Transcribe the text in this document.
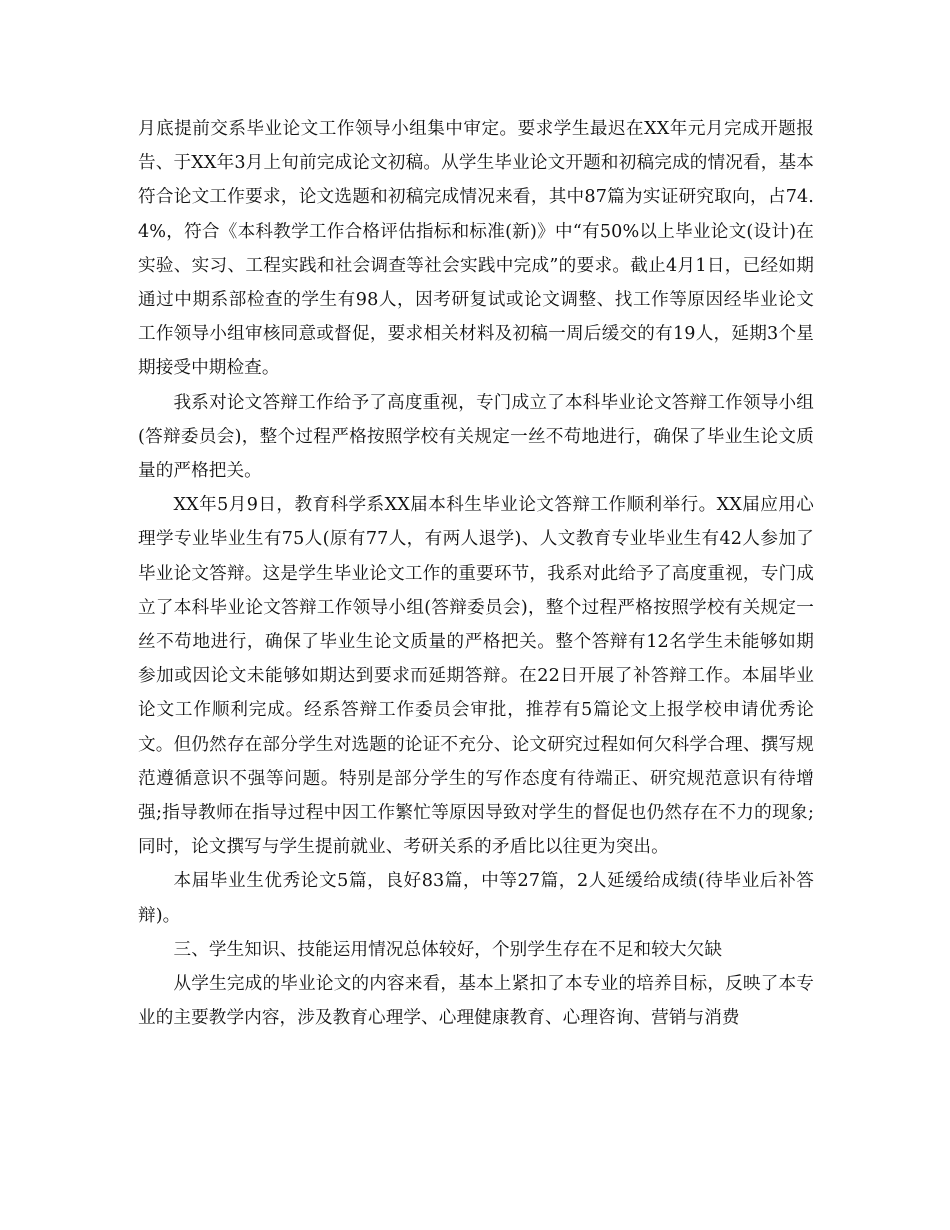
月底提前交系毕业论文工作领导小组集中审定。要求学生最迟在XX年元月完成开题报告、于XX年3月上旬前完成论文初稿。从学生毕业论文开题和初稿完成的情况看，基本符合论文工作要求，论文选题和初稿完成情况来看，其中87篇为实证研究取向，占74.4%，符合《本科教学工作合格评估指标和标准(新)》中“有50%以上毕业论文(设计)在实验、实习、工程实践和社会调查等社会实践中完成”的要求。截止4月1日，已经如期通过中期系部检查的学生有98人，因考研复试或论文调整、找工作等原因经毕业论文工作领导小组审核同意或督促，要求相关材料及初稿一周后缓交的有19人，延期3个星期接受中期检查。

我系对论文答辩工作给予了高度重视，专门成立了本科毕业论文答辩工作领导小组(答辩委员会)，整个过程严格按照学校有关规定一丝不苟地进行，确保了毕业生论文质量的严格把关。

XX年5月9日，教育科学系XX届本科生毕业论文答辩工作顺利举行。XX届应用心理学专业毕业生有75人(原有77人，有两人退学)、人文教育专业毕业生有42人参加了毕业论文答辩。这是学生毕业论文工作的重要环节，我系对此给予了高度重视，专门成立了本科毕业论文答辩工作领导小组(答辩委员会)，整个过程严格按照学校有关规定一丝不苟地进行，确保了毕业生论文质量的严格把关。整个答辩有12名学生未能够如期参加或因论文未能够如期达到要求而延期答辩。在22日开展了补答辩工作。本届毕业论文工作顺利完成。经系答辩工作委员会审批，推荐有5篇论文上报学校申请优秀论文。但仍然存在部分学生对选题的论证不充分、论文研究过程如何欠科学合理、撰写规范遵循意识不强等问题。特别是部分学生的写作态度有待端正、研究规范意识有待增强;指导教师在指导过程中因工作繁忙等原因导致对学生的督促也仍然存在不力的现象;同时，论文撰写与学生提前就业、考研关系的矛盾比以往更为突出。

本届毕业生优秀论文5篇，良好83篇，中等27篇，2人延缓给成绩(待毕业后补答辩)。

三、学生知识、技能运用情况总体较好，个别学生存在不足和较大欠缺

从学生完成的毕业论文的内容来看，基本上紧扣了本专业的培养目标，反映了本专业的主要教学内容，涉及教育心理学、心理健康教育、心理咨询、营销与消费
